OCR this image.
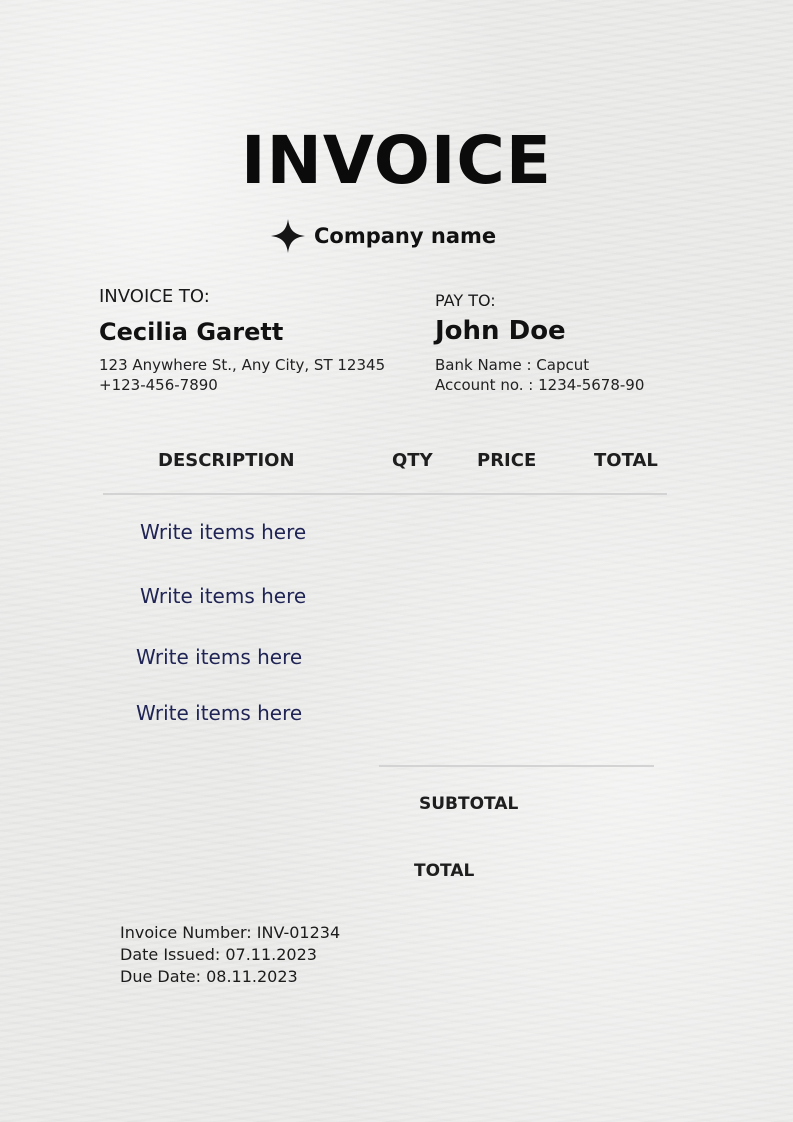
INVOICE
Company name
INVOICE TO:
Cecilia Garett
123 Anywhere St., Any City, ST 12345
+123-456-7890
PAY TO:
John Doe
Bank Name : Capcut
Account no. : 1234-5678-90
DESCRIPTION	QTY PRICE	TOTAL
Write items here
Write items here
Write items here
Write items here
SUBTOTAL
TOTAL
Invoice Number: INV-01234
Date Issued: 07.11.2023
Due Date: 08.11.2023
